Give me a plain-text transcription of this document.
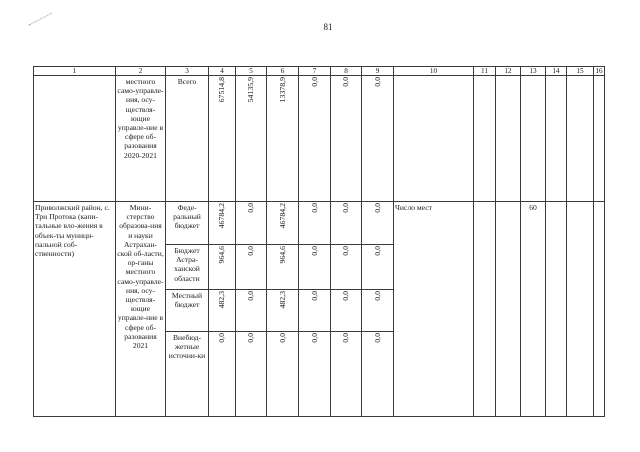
81
1	2	3	4	5	6	7	8	9	10	11	12	13	14	15	16
	местного само-управле-ния, осу-ществля-ющие управле-ние в сфере об-разования 2020-2021	Всего	67514,8	54135,9	13378,9	0,0	0,0	0,0							
Приволжский район, с. Три Протока (капи-тальные вло-жения в объек-ты муници-пальной соб-ственности)	Мини-стерство образова-ния и науки Астрахан-ской об-ласти, ор-ганы местного само-управле-ния, осу-ществля-ющие управле-ние в сфере об-разования 2021	Феде-ральный бюджет	46784,2	0,0	46784,2	0,0	0,0	0,0	Число мест			60			
		Бюджет Астра-ханской области	964,6	0,0	964,6	0,0	0,0	0,0							
		Местный бюджет	482,3	0,0	482,3	0,0	0,0	0,0							
		Внебюд-жетные источни-ки	0,0	0,0	0,0	0,0	0,0	0,0							
